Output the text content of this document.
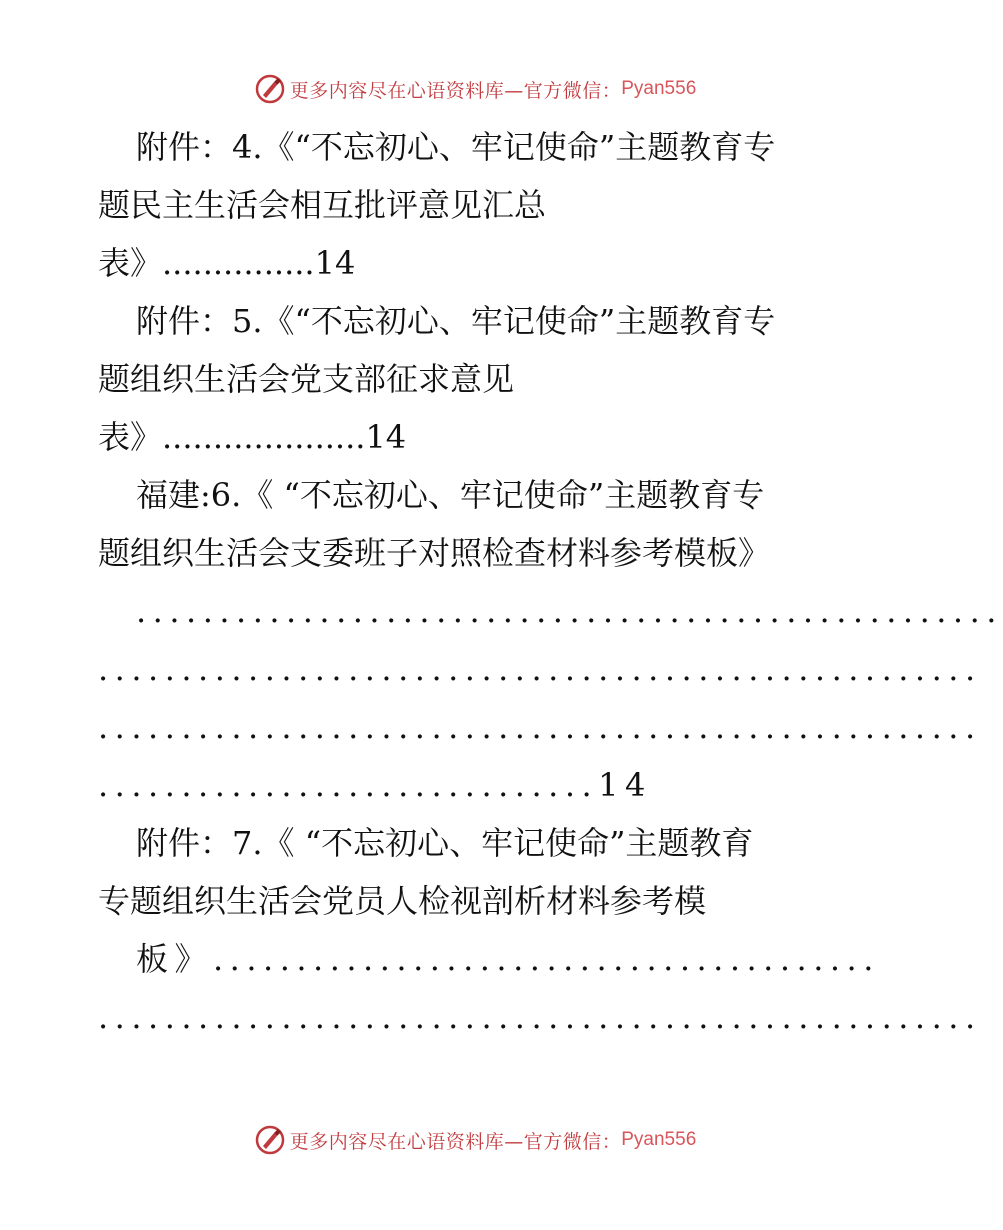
更多内容尽在心语资料库—官方微信： Pyan556
附件：4.《“不忘初心、牢记使命”主题教育专
题民主生活会相互批评意见汇总
表》...............14
附件：5.《“不忘初心、牢记使命”主题教育专
题组织生活会党支部征求意见
表》....................14
福建:6.《 “不忘初心、牢记使命”主题教育专
题组织生活会支委班子对照检查材料参考模板》
....................................................
.....................................................
.....................................................
..............................14
附件：7.《 “不忘初心、牢记使命”主题教育
专题组织生活会党员人检视剖析材料参考模
板》........................................
.....................................................
更多内容尽在心语资料库—官方微信： Pyan556
